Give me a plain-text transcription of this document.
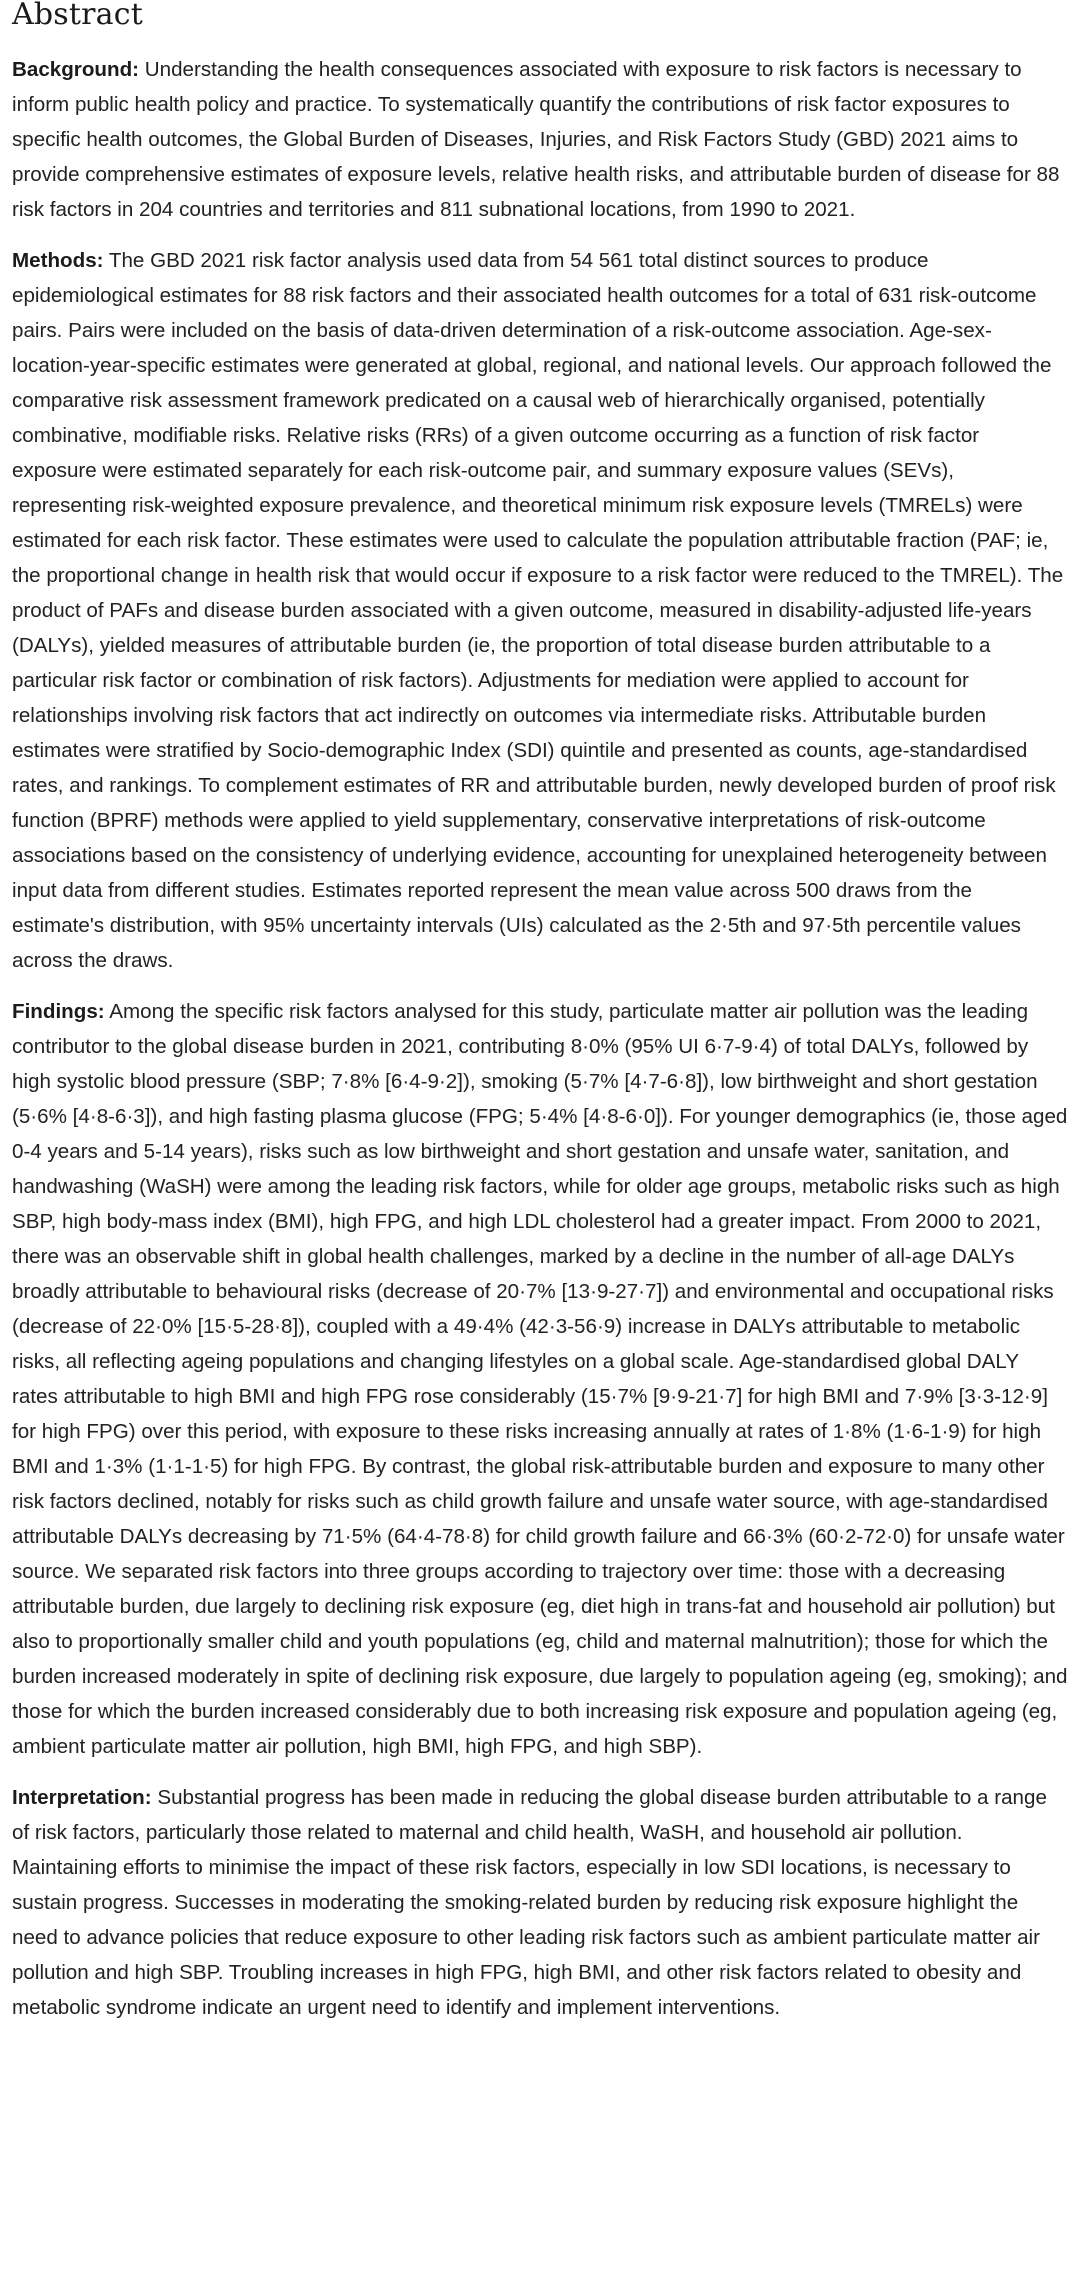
Abstract

Background: Understanding the health consequences associated with exposure to risk factors is necessary to inform public health policy and practice. To systematically quantify the contributions of risk factor exposures to specific health outcomes, the Global Burden of Diseases, Injuries, and Risk Factors Study (GBD) 2021 aims to provide comprehensive estimates of exposure levels, relative health risks, and attributable burden of disease for 88 risk factors in 204 countries and territories and 811 subnational locations, from 1990 to 2021.

Methods: The GBD 2021 risk factor analysis used data from 54 561 total distinct sources to produce epidemiological estimates for 88 risk factors and their associated health outcomes for a total of 631 risk-outcome pairs. Pairs were included on the basis of data-driven determination of a risk-outcome association. Age-sex-location-year-specific estimates were generated at global, regional, and national levels. Our approach followed the comparative risk assessment framework predicated on a causal web of hierarchically organised, potentially combinative, modifiable risks. Relative risks (RRs) of a given outcome occurring as a function of risk factor exposure were estimated separately for each risk-outcome pair, and summary exposure values (SEVs), representing risk-weighted exposure prevalence, and theoretical minimum risk exposure levels (TMRELs) were estimated for each risk factor. These estimates were used to calculate the population attributable fraction (PAF; ie, the proportional change in health risk that would occur if exposure to a risk factor were reduced to the TMREL). The product of PAFs and disease burden associated with a given outcome, measured in disability-adjusted life-years (DALYs), yielded measures of attributable burden (ie, the proportion of total disease burden attributable to a particular risk factor or combination of risk factors). Adjustments for mediation were applied to account for relationships involving risk factors that act indirectly on outcomes via intermediate risks. Attributable burden estimates were stratified by Socio-demographic Index (SDI) quintile and presented as counts, age-standardised rates, and rankings. To complement estimates of RR and attributable burden, newly developed burden of proof risk function (BPRF) methods were applied to yield supplementary, conservative interpretations of risk-outcome associations based on the consistency of underlying evidence, accounting for unexplained heterogeneity between input data from different studies. Estimates reported represent the mean value across 500 draws from the estimate's distribution, with 95% uncertainty intervals (UIs) calculated as the 2·5th and 97·5th percentile values across the draws.

Findings: Among the specific risk factors analysed for this study, particulate matter air pollution was the leading contributor to the global disease burden in 2021, contributing 8·0% (95% UI 6·7-9·4) of total DALYs, followed by high systolic blood pressure (SBP; 7·8% [6·4-9·2]), smoking (5·7% [4·7-6·8]), low birthweight and short gestation (5·6% [4·8-6·3]), and high fasting plasma glucose (FPG; 5·4% [4·8-6·0]). For younger demographics (ie, those aged 0-4 years and 5-14 years), risks such as low birthweight and short gestation and unsafe water, sanitation, and handwashing (WaSH) were among the leading risk factors, while for older age groups, metabolic risks such as high SBP, high body-mass index (BMI), high FPG, and high LDL cholesterol had a greater impact. From 2000 to 2021, there was an observable shift in global health challenges, marked by a decline in the number of all-age DALYs broadly attributable to behavioural risks (decrease of 20·7% [13·9-27·7]) and environmental and occupational risks (decrease of 22·0% [15·5-28·8]), coupled with a 49·4% (42·3-56·9) increase in DALYs attributable to metabolic risks, all reflecting ageing populations and changing lifestyles on a global scale. Age-standardised global DALY rates attributable to high BMI and high FPG rose considerably (15·7% [9·9-21·7] for high BMI and 7·9% [3·3-12·9] for high FPG) over this period, with exposure to these risks increasing annually at rates of 1·8% (1·6-1·9) for high BMI and 1·3% (1·1-1·5) for high FPG. By contrast, the global risk-attributable burden and exposure to many other risk factors declined, notably for risks such as child growth failure and unsafe water source, with age-standardised attributable DALYs decreasing by 71·5% (64·4-78·8) for child growth failure and 66·3% (60·2-72·0) for unsafe water source. We separated risk factors into three groups according to trajectory over time: those with a decreasing attributable burden, due largely to declining risk exposure (eg, diet high in trans-fat and household air pollution) but also to proportionally smaller child and youth populations (eg, child and maternal malnutrition); those for which the burden increased moderately in spite of declining risk exposure, due largely to population ageing (eg, smoking); and those for which the burden increased considerably due to both increasing risk exposure and population ageing (eg, ambient particulate matter air pollution, high BMI, high FPG, and high SBP).

Interpretation: Substantial progress has been made in reducing the global disease burden attributable to a range of risk factors, particularly those related to maternal and child health, WaSH, and household air pollution. Maintaining efforts to minimise the impact of these risk factors, especially in low SDI locations, is necessary to sustain progress. Successes in moderating the smoking-related burden by reducing risk exposure highlight the need to advance policies that reduce exposure to other leading risk factors such as ambient particulate matter air pollution and high SBP. Troubling increases in high FPG, high BMI, and other risk factors related to obesity and metabolic syndrome indicate an urgent need to identify and implement interventions.
